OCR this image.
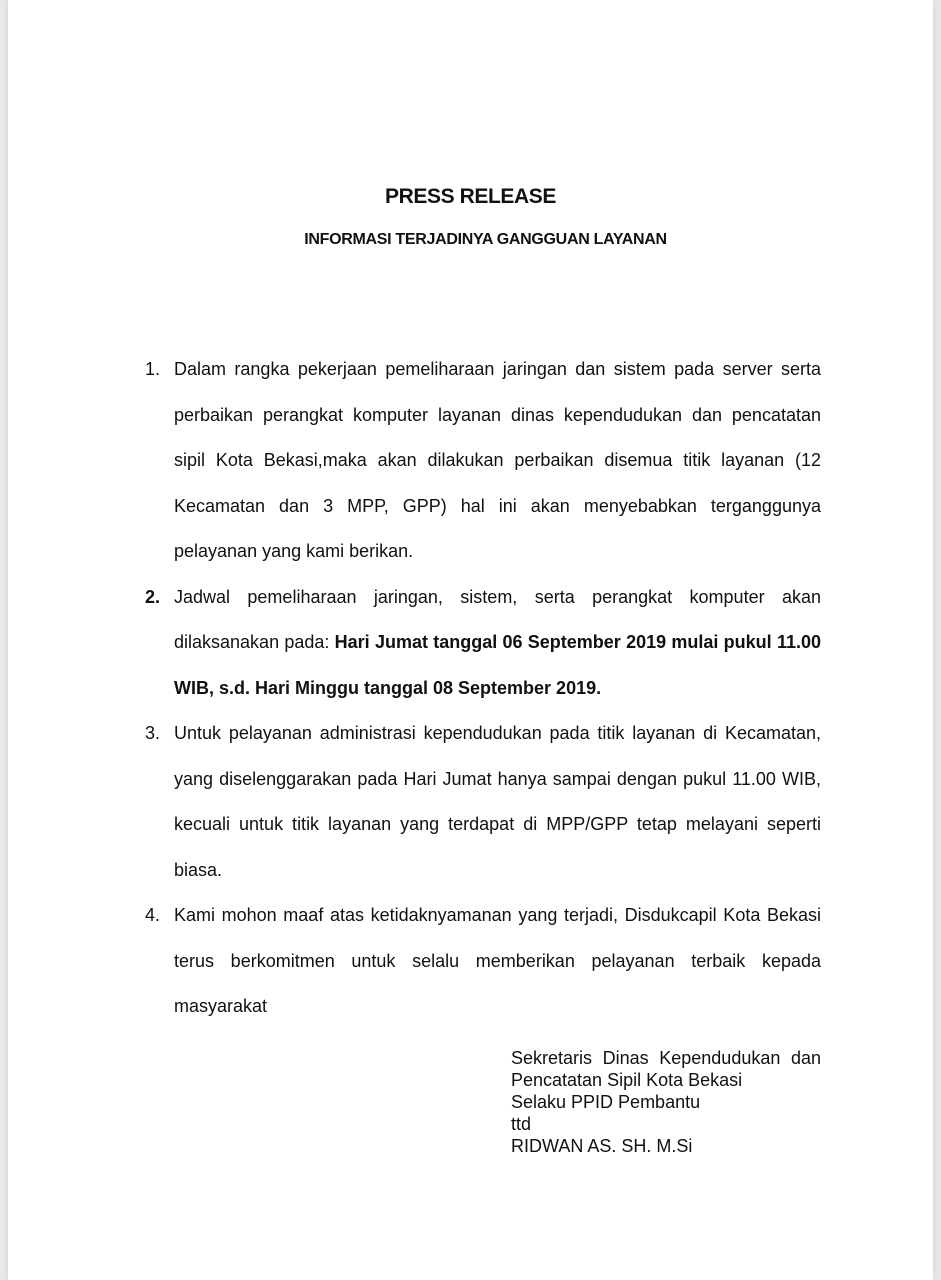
PRESS RELEASE
INFORMASI TERJADINYA GANGGUAN LAYANAN
1. Dalam rangka pekerjaan pemeliharaan jaringan dan sistem pada server serta perbaikan perangkat komputer layanan dinas kependudukan dan pencatatan sipil Kota Bekasi,maka akan dilakukan perbaikan disemua titik layanan (12 Kecamatan dan 3 MPP, GPP) hal ini akan menyebabkan terganggunya pelayanan yang kami berikan.
2. Jadwal pemeliharaan jaringan, sistem, serta perangkat komputer akan dilaksanakan pada: Hari Jumat tanggal 06 September 2019 mulai pukul 11.00 WIB, s.d. Hari Minggu tanggal 08 September 2019.
3. Untuk pelayanan administrasi kependudukan pada titik layanan di Kecamatan, yang diselenggarakan pada Hari Jumat hanya sampai dengan pukul 11.00 WIB, kecuali untuk titik layanan yang terdapat di MPP/GPP tetap melayani seperti biasa.
4. Kami mohon maaf atas ketidaknyamanan yang terjadi, Disdukcapil Kota Bekasi terus berkomitmen untuk selalu memberikan pelayanan terbaik kepada masyarakat
Sekretaris Dinas Kependudukan dan
Pencatatan Sipil Kota Bekasi
Selaku PPID Pembantu
ttd
RIDWAN AS. SH. M.Si
